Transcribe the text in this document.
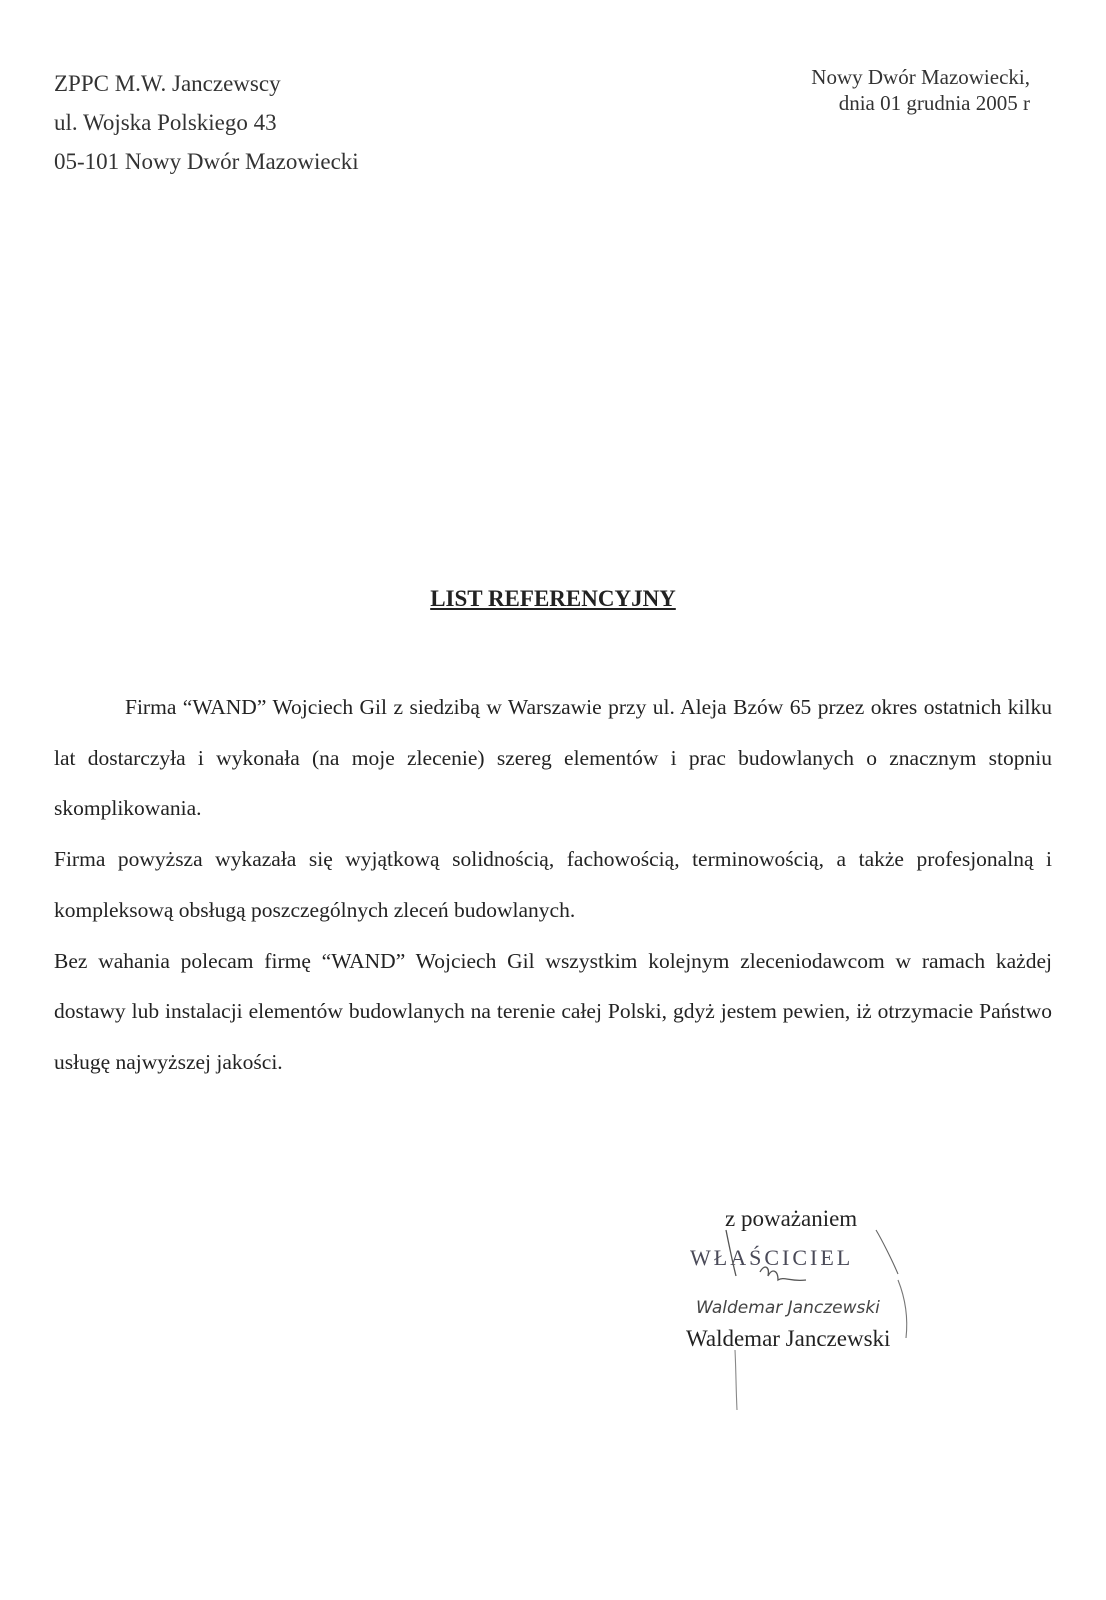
ZPPC M.W. Janczewscy
ul. Wojska Polskiego 43
05-101 Nowy Dwór Mazowiecki
Nowy Dwór Mazowiecki,
dnia 01 grudnia 2005 r
LIST REFERENCYJNY

Firma “WAND” Wojciech Gil z siedzibą w Warszawie przy ul. Aleja Bzów 65 przez okres ostatnich kilku lat dostarczyła i wykonała (na moje zlecenie) szereg elementów i prac budowlanych o znacznym stopniu skomplikowania.

Firma powyższa wykazała się wyjątkową solidnością, fachowością, terminowością, a także profesjonalną i kompleksową obsługą poszczególnych zleceń budowlanych.

Bez wahania polecam firmę “WAND” Wojciech Gil wszystkim kolejnym zleceniodawcom w ramach każdej dostawy lub instalacji elementów budowlanych na terenie całej Polski, gdyż jestem pewien, iż otrzymacie Państwo usługę najwyższej jakości.

z poważaniem
WŁAŚCICIEL
Waldemar Janczewski
Waldemar Janczewski
